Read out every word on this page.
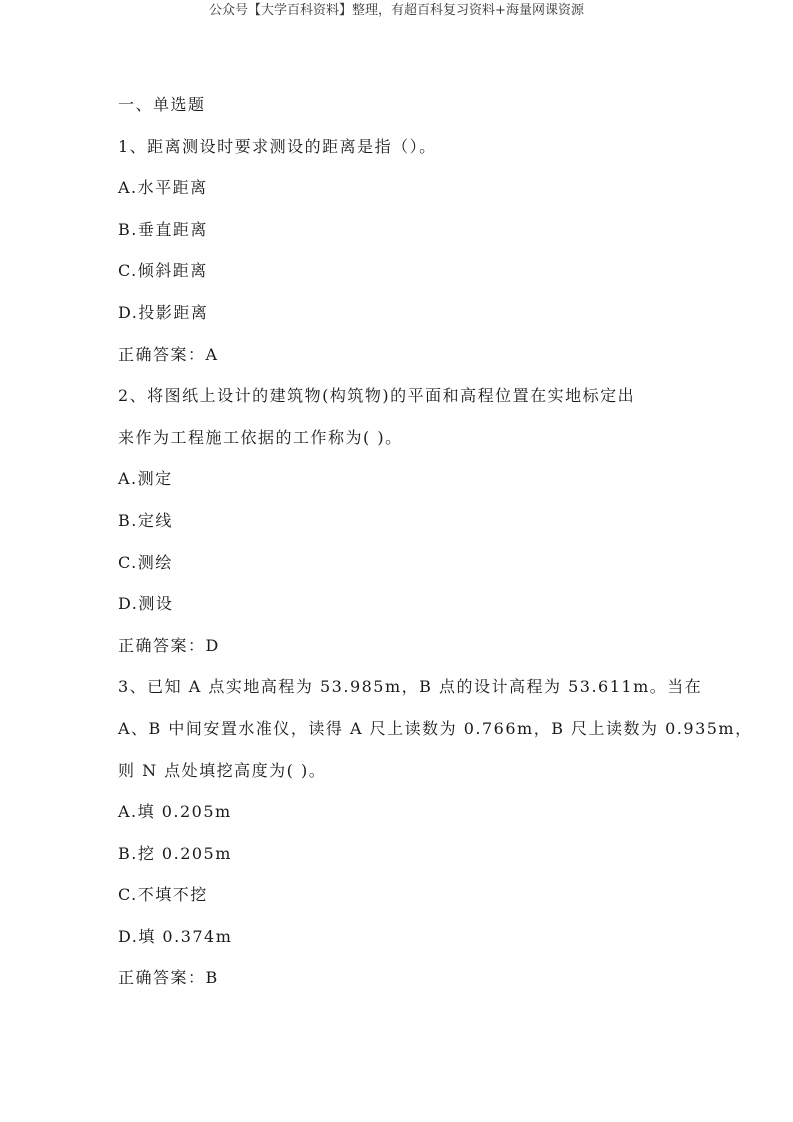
公众号【大学百科资料】整理，有超百科复习资料+海量网课资源
一、单选题
1、距离测设时要求测设的距离是指（）。
A.水平距离
B.垂直距离
C.倾斜距离
D.投影距离
正确答案：A
2、将图纸上设计的建筑物(构筑物)的平面和高程位置在实地标定出
来作为工程施工依据的工作称为( )。
A.测定
B.定线
C.测绘
D.测设
正确答案：D
3、已知 A 点实地高程为 53.985m，B 点的设计高程为 53.611m。当在
A、B 中间安置水准仪，读得 A 尺上读数为 0.766m，B 尺上读数为 0.935m，
则 N 点处填挖高度为( )。
A.填 0.205m
B.挖 0.205m
C.不填不挖
D.填 0.374m
正确答案：B
